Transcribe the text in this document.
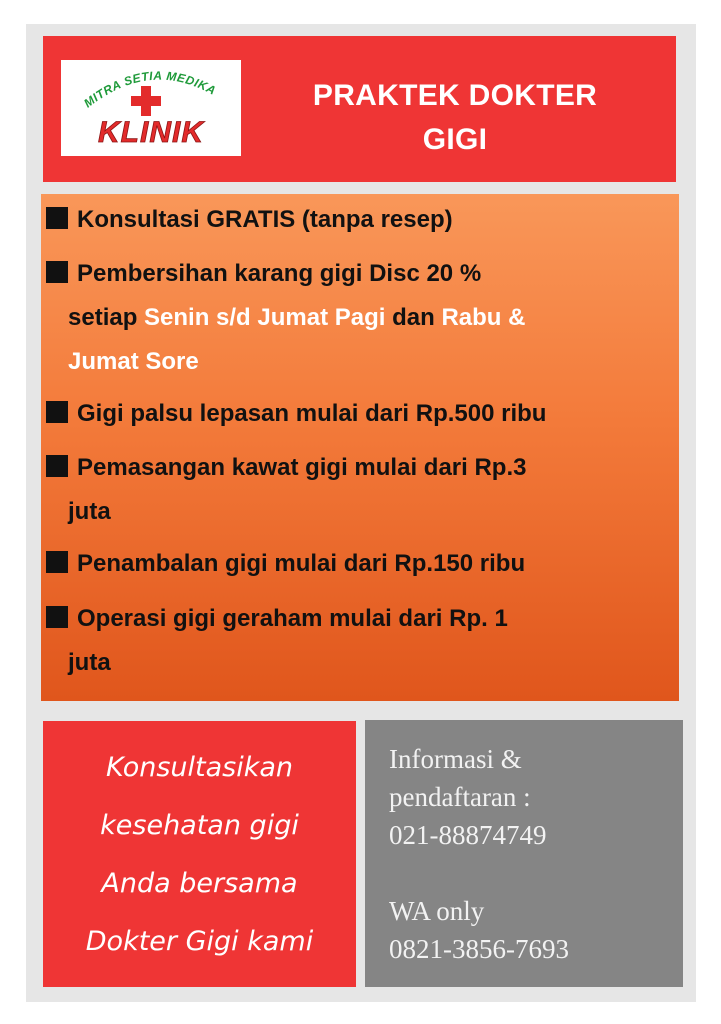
MITRA SETIA MEDIKA
KLINIK
PRAKTEK DOKTER
GIGI
Konsultasi GRATIS (tanpa resep)
Pembersihan karang gigi Disc 20 %
setiap Senin s/d Jumat Pagi dan Rabu &
Jumat Sore
Gigi palsu lepasan mulai dari Rp.500 ribu
Pemasangan kawat gigi mulai dari Rp.3
juta
Penambalan gigi mulai dari Rp.150 ribu
Operasi gigi geraham mulai dari Rp. 1
juta
Konsultasikan
kesehatan gigi
Anda bersama
Dokter Gigi kami
Informasi &
pendaftaran :
021-88874749
WA only
0821-3856-7693
